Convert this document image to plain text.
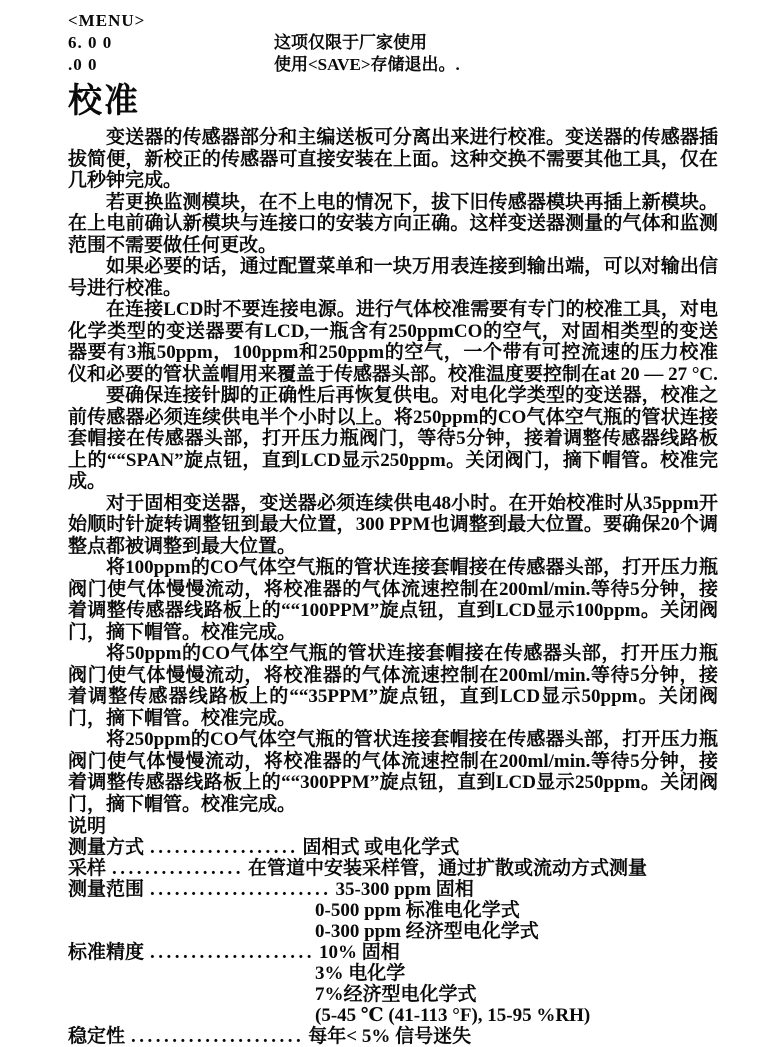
<MENU>
6. 0 0	这项仅限于厂家使用
.0 0	使用<SAVE>存储退出。.
校准

变送器的传感器部分和主编送板可分离出来进行校准。变送器的传感器插拔简便，新校正的传感器可直接安装在上面。这种交换不需要其他工具，仅在几秒钟完成。

若更换监测模块，在不上电的情况下，拔下旧传感器模块再插上新模块。在上电前确认新模块与连接口的安装方向正确。这样变送器测量的气体和监测范围不需要做任何更改。

如果必要的话，通过配置菜单和一块万用表连接到输出端，可以对输出信号进行校准。

在连接LCD时不要连接电源。进行气体校准需要有专门的校准工具，对电化学类型的变送器要有LCD,一瓶含有250ppmCO的空气，对固相类型的变送器要有3瓶50ppm，100ppm和250ppm的空气，一个带有可控流速的压力校准仪和必要的管状盖帽用来覆盖于传感器头部。校准温度要控制在at 20 — 27 °C.

要确保连接针脚的正确性后再恢复供电。对电化学类型的变送器，校准之前传感器必须连续供电半个小时以上。将250ppm的CO气体空气瓶的管状连接套帽接在传感器头部，打开压力瓶阀门，等待5分钟，接着调整传感器线路板上的““SPAN”旋点钮，直到LCD显示250ppm。关闭阀门，摘下帽管。校准完成。

对于固相变送器，变送器必须连续供电48小时。在开始校准时从35ppm开始顺时针旋转调整钮到最大位置，300 PPM也调整到最大位置。要确保20个调整点都被调整到最大位置。

将100ppm的CO气体空气瓶的管状连接套帽接在传感器头部，打开压力瓶阀门使气体慢慢流动，将校准器的气体流速控制在200ml/min.等待5分钟，接着调整传感器线路板上的““100PPM”旋点钮，直到LCD显示100ppm。关闭阀门，摘下帽管。校准完成。

将50ppm的CO气体空气瓶的管状连接套帽接在传感器头部，打开压力瓶阀门使气体慢慢流动，将校准器的气体流速控制在200ml/min.等待5分钟，接着调整传感器线路板上的““35PPM”旋点钮，直到LCD显示50ppm。关闭阀门，摘下帽管。校准完成。

将250ppm的CO气体空气瓶的管状连接套帽接在传感器头部，打开压力瓶阀门使气体慢慢流动，将校准器的气体流速控制在200ml/min.等待5分钟，接着调整传感器线路板上的““300PPM”旋点钮，直到LCD显示250ppm。关闭阀门，摘下帽管。校准完成。

说明
测量方式 .................. 固相式 或电化学式
采样 ................ 在管道中安装采样管，通过扩散或流动方式测量
测量范围 ...................... 35-300 ppm 固相
0-500 ppm 标准电化学式
0-300 ppm 经济型电化学式
标准精度 .................... 10% 固相
3% 电化学
7%经济型电化学式
(5-45 ℃ (41-113 °F), 15-95 %RH)
稳定性 ..................... 每年< 5% 信号迷失
